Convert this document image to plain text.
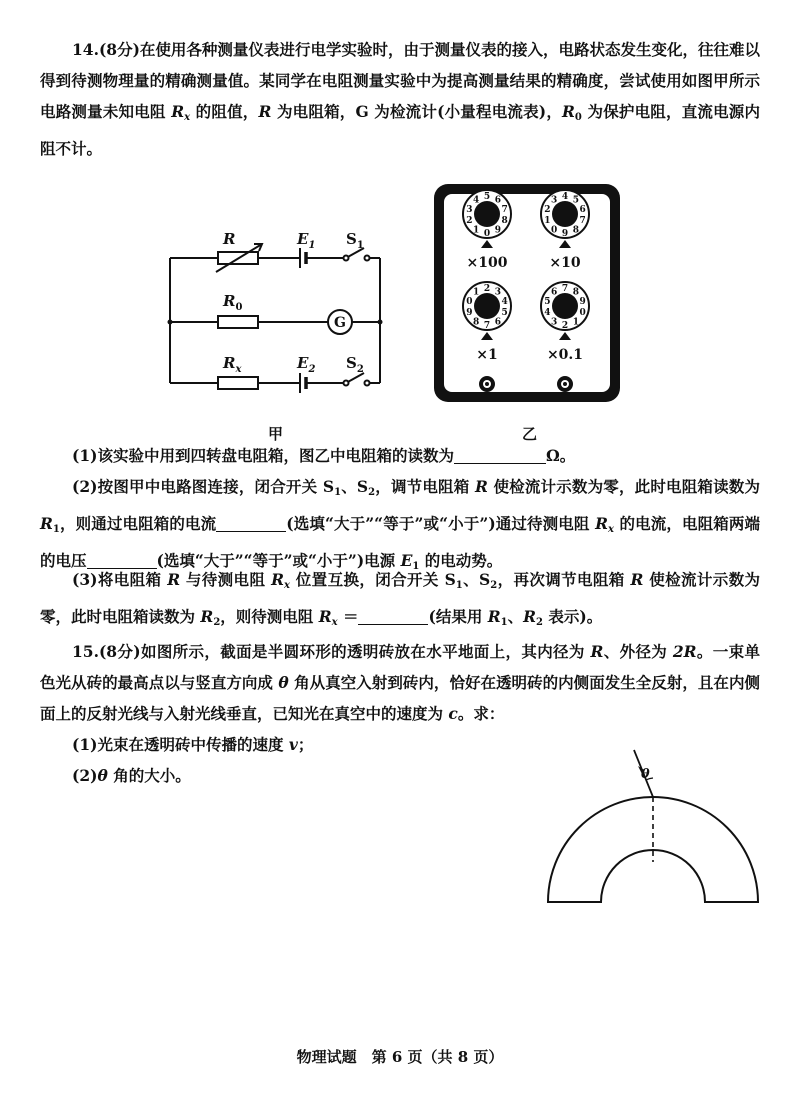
14.(8分)在使用各种测量仪表进行电学实验时，由于测量仪表的接入，电路状态发生变化，往往难以得到待测物理量的精确测量值。某同学在电阻测量实验中为提高测量结果的精确度，尝试使用如图甲所示电路测量未知电阻 $R_x$ 的阻值，R 为电阻箱，G 为检流计(小量程电流表)，$R_0$ 为保护电阻，直流电源内阻不计。

R	$E_1$ $S_1$
$R_0$
G
$R_x$	$E_2$ $S_2$
甲
0
1
2
3
4 5 6
7
8
9	0
1
2
3 4 5
6
7
8
9
0
1 2 3
4
5
6
7
8
9	0
1
2
3
4
5
6 7 8
9
×100	×10
×1	×0.1
乙

(1)该实验中用到四转盘电阻箱，图乙中电阻箱的读数为	Ω。

(2)按图甲中电路图连接，闭合开关 $S_1$、$S_2$，调节电阻箱 R 使检流计示数为零，此时电阻箱读数为 $R_1$，则通过电阻箱的电流	(选填“大于”“等于”或“小于”)通过待测电阻 $R_x$ 的电流，电阻箱两端的电压	(选填“大于”“等于”或“小于”)电源 $E_1$ 的电动势。

(3)将电阻箱 R 与待测电阻 $R_x$ 位置互换，闭合开关 $S_1$、$S_2$，再次调节电阻箱 R 使检流计示数为零，此时电阻箱读数为 $R_2$，则待测电阻 $R_x$ ＝	(结果用 $R_1$、$R_2$ 表示)。

15.(8分)如图所示，截面是半圆环形的透明砖放在水平地面上，其内径为 R、外径为 2R。一束单色光从砖的最高点以与竖直方向成 θ 角从真空入射到砖内，恰好在透明砖的内侧面发生全反射，且在内侧面上的反射光线与入射光线垂直，已知光在真空中的速度为 c。求：

(1)光束在透明砖中传播的速度 v；

(2)θ 角的大小。	θ
物理试题　第 6 页（共 8 页）
